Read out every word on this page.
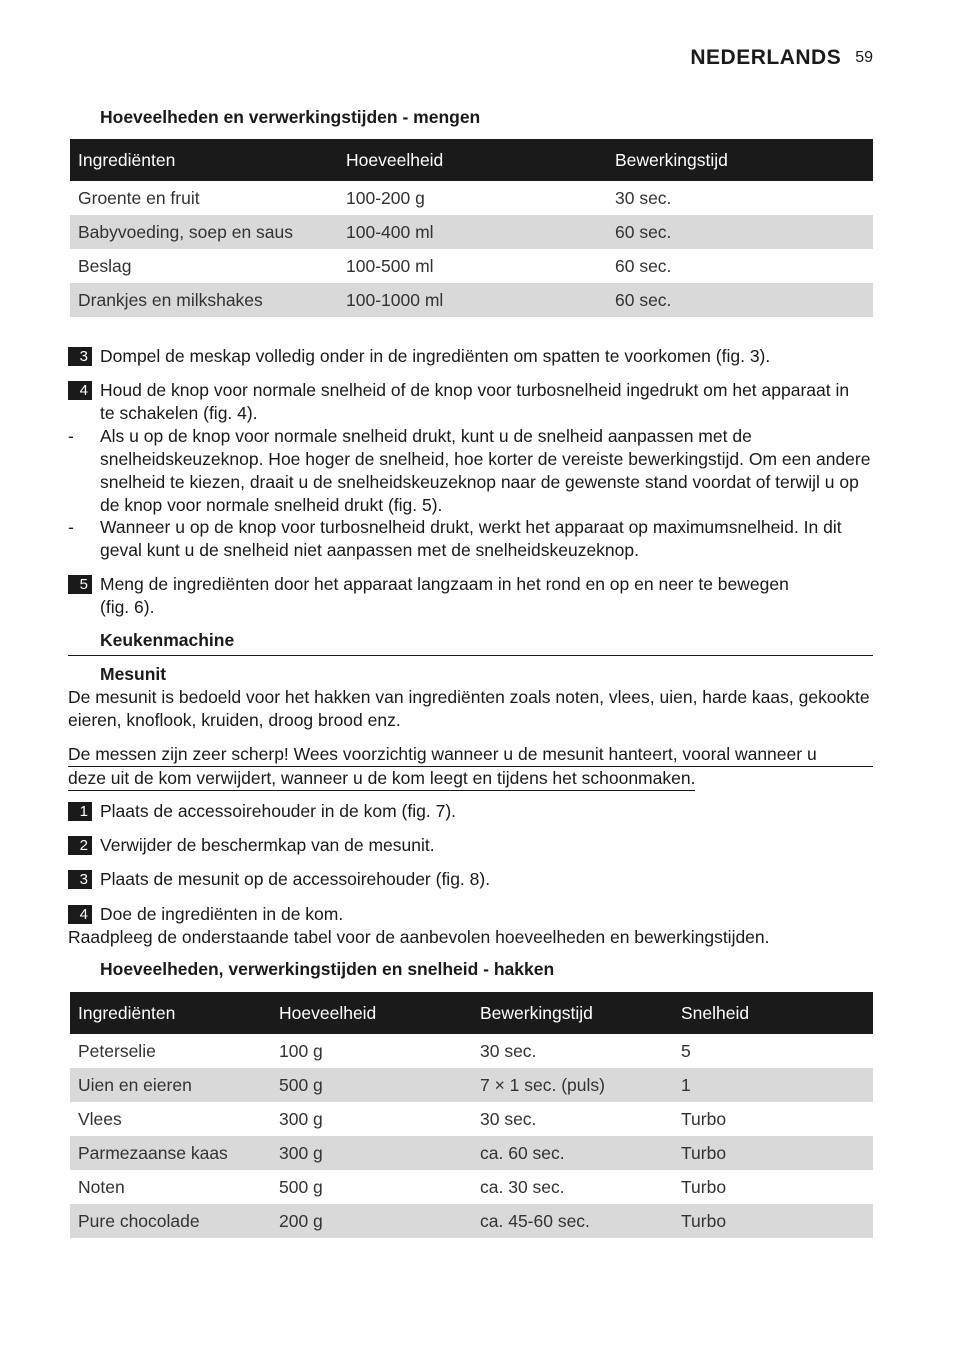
NEDERLANDS 59
Hoeveelheden en verwerkingstijden - mengen
Ingrediënten	Hoeveelheid	Bewerkingstijd
Groente en fruit	100-200 g	30 sec.
Babyvoeding, soep en saus	100-400 ml	60 sec.
Beslag	100-500 ml	60 sec.
Drankjes en milkshakes	100-1000 ml	60 sec.
3 Dompel de meskap volledig onder in de ingrediënten om spatten te voorkomen (fig. 3).
4 Houd de knop voor normale snelheid of de knop voor turbosnelheid ingedrukt om het apparaat in te schakelen (fig. 4).
- Als u op de knop voor normale snelheid drukt, kunt u de snelheid aanpassen met de snelheidskeuzeknop. Hoe hoger de snelheid, hoe korter de vereiste bewerkingstijd. Om een andere snelheid te kiezen, draait u de snelheidskeuzeknop naar de gewenste stand voordat of terwijl u op de knop voor normale snelheid drukt (fig. 5).
- Wanneer u op de knop voor turbosnelheid drukt, werkt het apparaat op maximumsnelheid. In dit geval kunt u de snelheid niet aanpassen met de snelheidskeuzeknop.
5 Meng de ingrediënten door het apparaat langzaam in het rond en op en neer te bewegen (fig. 6).
Keukenmachine
Mesunit
De mesunit is bedoeld voor het hakken van ingrediënten zoals noten, vlees, uien, harde kaas, gekookte eieren, knoflook, kruiden, droog brood enz.
De messen zijn zeer scherp! Wees voorzichtig wanneer u de mesunit hanteert, vooral wanneer u
deze uit de kom verwijdert, wanneer u de kom leegt en tijdens het schoonmaken.
1 Plaats de accessoirehouder in de kom (fig. 7).
2 Verwijder de beschermkap van de mesunit.
3 Plaats de mesunit op de accessoirehouder (fig. 8).
4 Doe de ingrediënten in de kom.
Raadpleeg de onderstaande tabel voor de aanbevolen hoeveelheden en bewerkingstijden.
Hoeveelheden, verwerkingstijden en snelheid - hakken
Ingrediënten	Hoeveelheid	Bewerkingstijd	Snelheid
Peterselie	100 g	30 sec.	5
Uien en eieren	500 g	7 × 1 sec. (puls)	1
Vlees	300 g	30 sec.	Turbo
Parmezaanse kaas	300 g	ca. 60 sec.	Turbo
Noten	500 g	ca. 30 sec.	Turbo
Pure chocolade	200 g	ca. 45-60 sec.	Turbo
